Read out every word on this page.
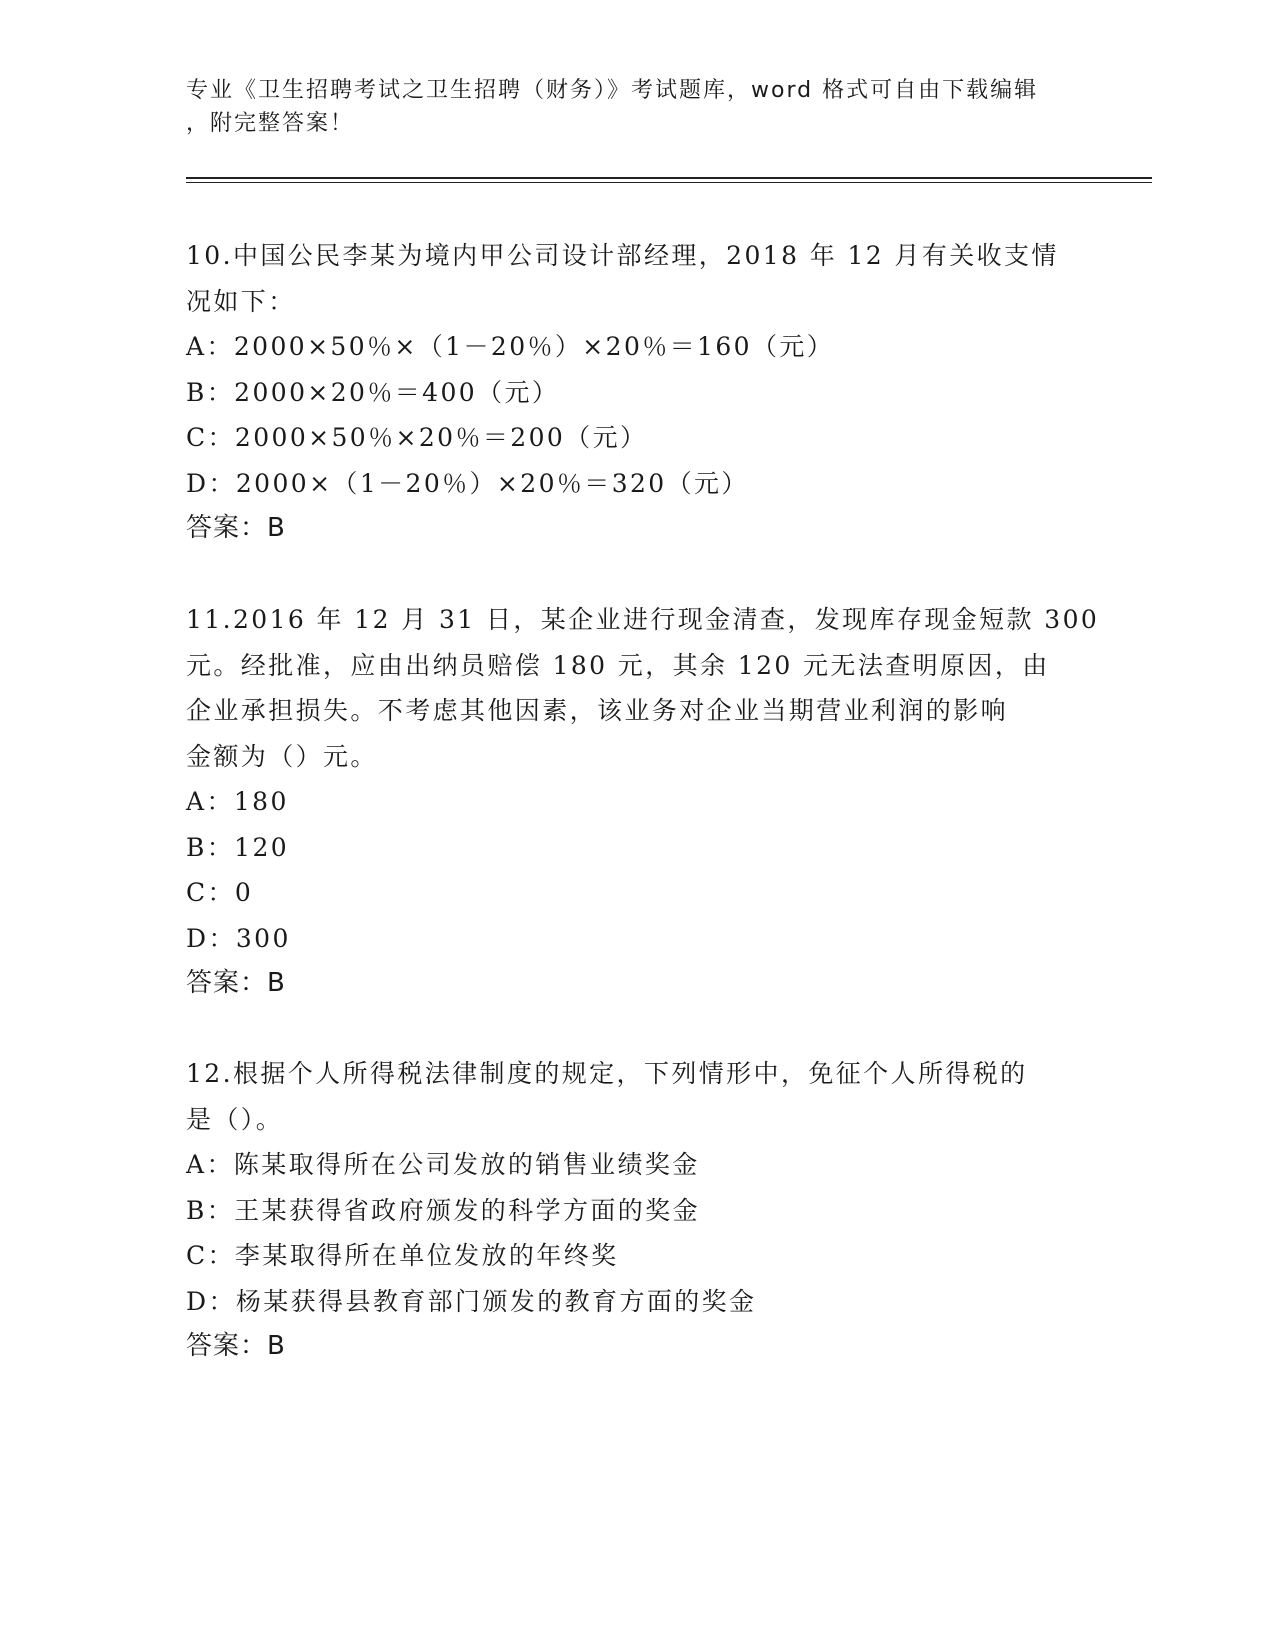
专业《卫生招聘考试之卫生招聘（财务）》考试题库，word 格式可自由下载编辑
，附完整答案！
10.中国公民李某为境内甲公司设计部经理，2018 年 12 月有关收支情
况如下：
A：2000×50％×（1－20％）×20％＝160（元）
B：2000×20％＝400（元）
C：2000×50％×20％＝200（元）
D：2000×（1－20％）×20％＝320（元）
答案：B
11.2016 年 12 月 31 日，某企业进行现金清查，发现库存现金短款 300
元。经批准，应由出纳员赔偿 180 元，其余 120 元无法查明原因，由
企业承担损失。不考虑其他因素，该业务对企业当期营业利润的影响
金额为（）元。
A：180
B：120
C：0
D：300
答案：B
12.根据个人所得税法律制度的规定，下列情形中，免征个人所得税的
是（）。
A：陈某取得所在公司发放的销售业绩奖金
B：王某获得省政府颁发的科学方面的奖金
C：李某取得所在单位发放的年终奖
D：杨某获得县教育部门颁发的教育方面的奖金
答案：B
